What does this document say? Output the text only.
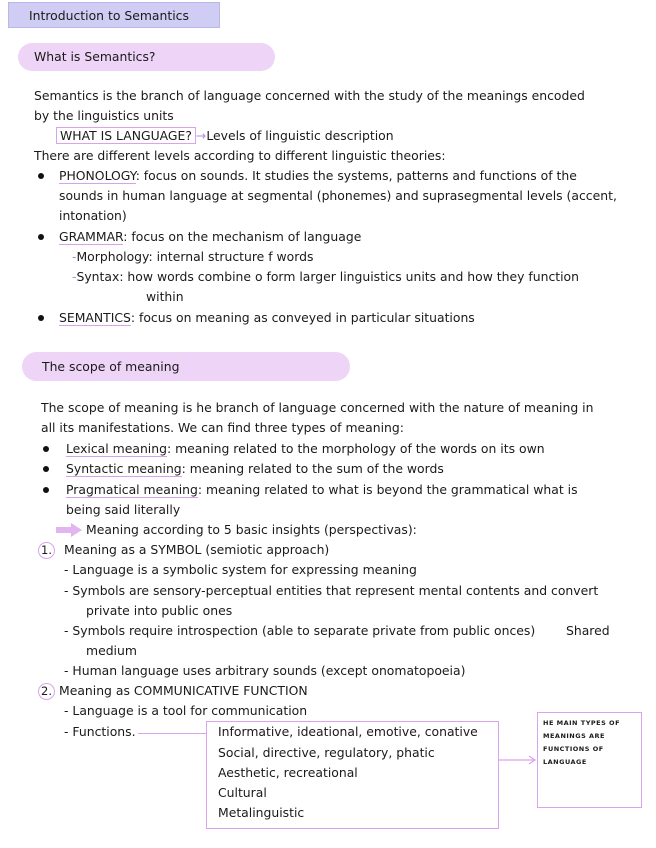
Introduction to Semantics
What is Semantics?
Semantics is the branch of language concerned with the study of the meanings encoded
by the linguistics units
WHAT IS LANGUAGE? →Levels of linguistic description
There are different levels according to different linguistic theories:
PHONOLOGY: focus on sounds. It studies the systems, patterns and functions of the
sounds in human language at segmental (phonemes) and suprasegmental levels (accent,
intonation)
GRAMMAR: focus on the mechanism of language
-Morphology: internal structure f words
-Syntax: how words combine o form larger linguistics units and how they function
within
SEMANTICS: focus on meaning as conveyed in particular situations
The scope of meaning
The scope of meaning is he branch of language concerned with the nature of meaning in
all its manifestations. We can find three types of meaning:
Lexical meaning: meaning related to the morphology of the words on its own
Syntactic meaning: meaning related to the sum of the words
Pragmatical meaning: meaning related to what is beyond the grammatical what is
being said literally
Meaning according to 5 basic insights (perspectivas):
1. Meaning as a SYMBOL (semiotic approach)
- Language is a symbolic system for expressing meaning
- Symbols are sensory-perceptual entities that represent mental contents and convert
private into public ones
- Symbols require introspection (able to separate private from public onces) Shared
medium
- Human language uses arbitrary sounds (except onomatopoeia)
2. Meaning as COMMUNICATIVE FUNCTION
- Language is a tool for communication
- Functions.	Informative, ideational, emotive, conative
Social, directive, regulatory, phatic
Aesthetic, recreational
Cultural
Metalinguistic
HE MAIN TYPES OF MEANINGS ARE FUNCTIONS OF LANGUAGE
